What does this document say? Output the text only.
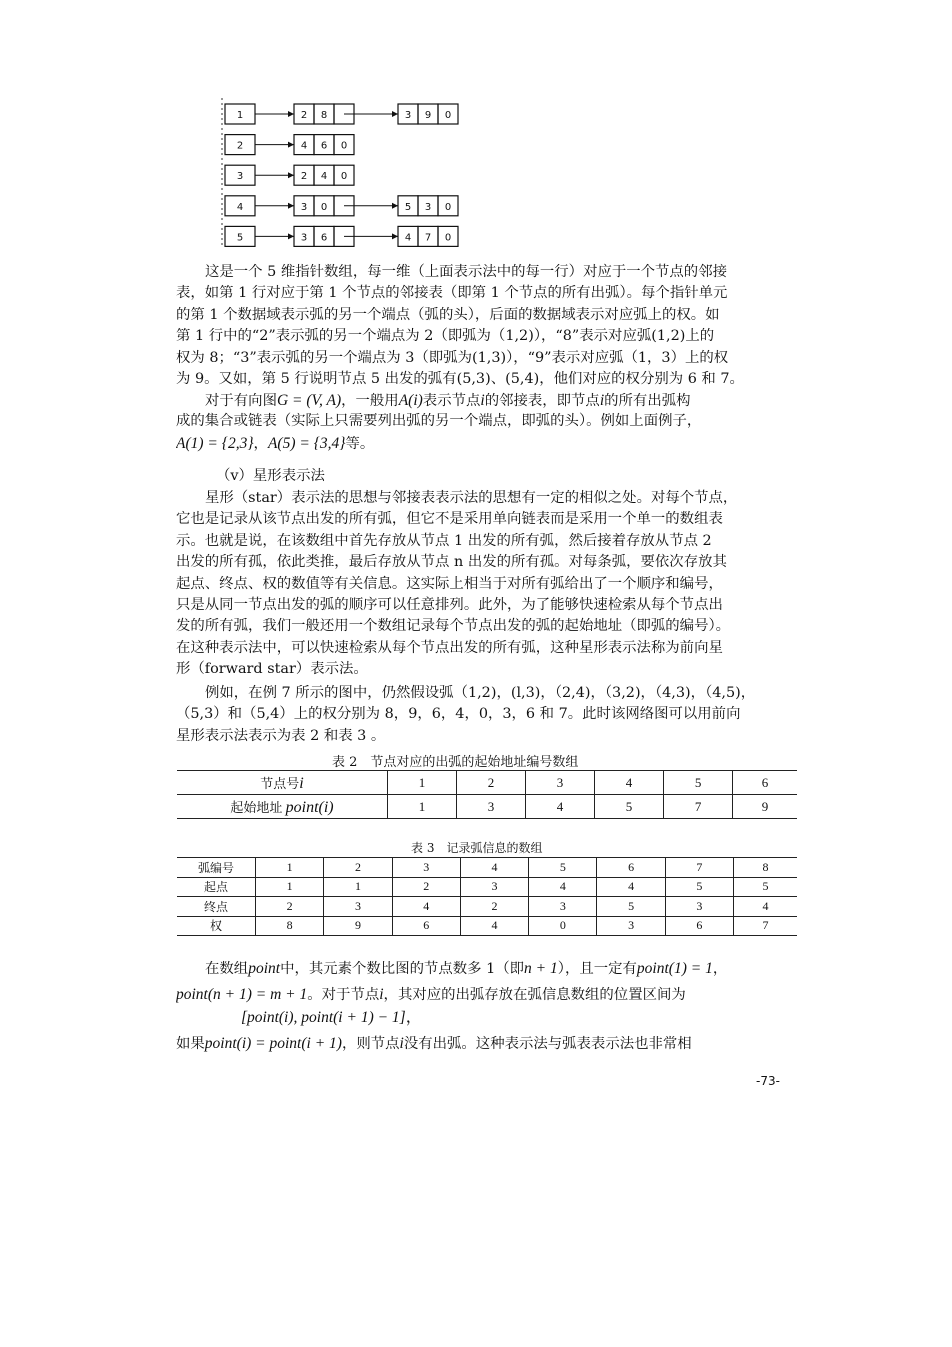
1	2 8	3 9 0
2	4 6 0
3	2 4 0
4	3 0	5 3 0
5	3 6	4 7 0

这是一个 5 维指针数组，每一维（上面表示法中的每一行）对应于一个节点的邻接
表，如第 1 行对应于第 1 个节点的邻接表（即第 1 个节点的所有出弧）。每个指针单元
的第 1 个数据域表示弧的另一个端点（弧的头），后面的数据域表示对应弧上的权。如
第 1 行中的“2”表示弧的另一个端点为 2（即弧为（1,2)），“8”表示对应弧(1,2)上的
权为 8；“3”表示弧的另一个端点为 3（即弧为(1,3)），“9”表示对应弧（1，3）上的权
为 9。又如，第 5 行说明节点 5 出发的弧有(5,3)、(5,4)，他们对应的权分别为 6 和 7。

对于有向图G = (V, A)，一般用A(i)表示节点i的邻接表，即节点i的所有出弧构
成的集合或链表（实际上只需要列出弧的另一个端点，即弧的头）。例如上面例子，
A(1) = {2,3}，A(5) = {3,4}等。

（v）星形表示法

星形（star）表示法的思想与邻接表表示法的思想有一定的相似之处。对每个节点，
它也是记录从该节点出发的所有弧，但它不是采用单向链表而是采用一个单一的数组表
示。也就是说，在该数组中首先存放从节点 1 出发的所有弧，然后接着存放从节点 2
出发的所有孤，依此类推，最后存放从节点 n 出发的所有孤。对每条弧，要依次存放其
起点、终点、权的数值等有关信息。这实际上相当于对所有弧给出了一个顺序和编号，
只是从同一节点出发的弧的顺序可以任意排列。此外，为了能够快速检索从每个节点出
发的所有弧，我们一般还用一个数组记录每个节点出发的弧的起始地址（即弧的编号）。
在这种表示法中，可以快速检索从每个节点出发的所有弧，这种星形表示法称为前向星
形（forward star）表示法。

例如，在例 7 所示的图中，仍然假设弧（1,2)，(l,3)，（2,4)，（3,2)，（4,3)，（4,5)，
（5,3）和（5,4）上的权分别为 8，9，6，4，0，3，6 和 7。此时该网络图可以用前向
星形表示法表示为表 2 和表 3 。

表 2　节点对应的出弧的起始地址编号数组
节点号i	1	2	3	4	5	6
起始地址 point(i)	1	3	4	5	7	9
表 3　记录弧信息的数组
弧编号	1	2	3	4	5	6	7	8
起点	1	1	2	3	4	4	5	5
终点	2	3	4	2	3	5	3	4
权	8	9	6	4	0	3	6	7

在数组point中，其元素个数比图的节点数多 1（即n + 1），且一定有point(1) = 1，
point(n + 1) = m + 1。对于节点i，其对应的出弧存放在弧信息数组的位置区间为

[point(i), point(i + 1) − 1]，

如果point(i) = point(i + 1)，则节点i没有出弧。这种表示法与弧表表示法也非常相

-73-
